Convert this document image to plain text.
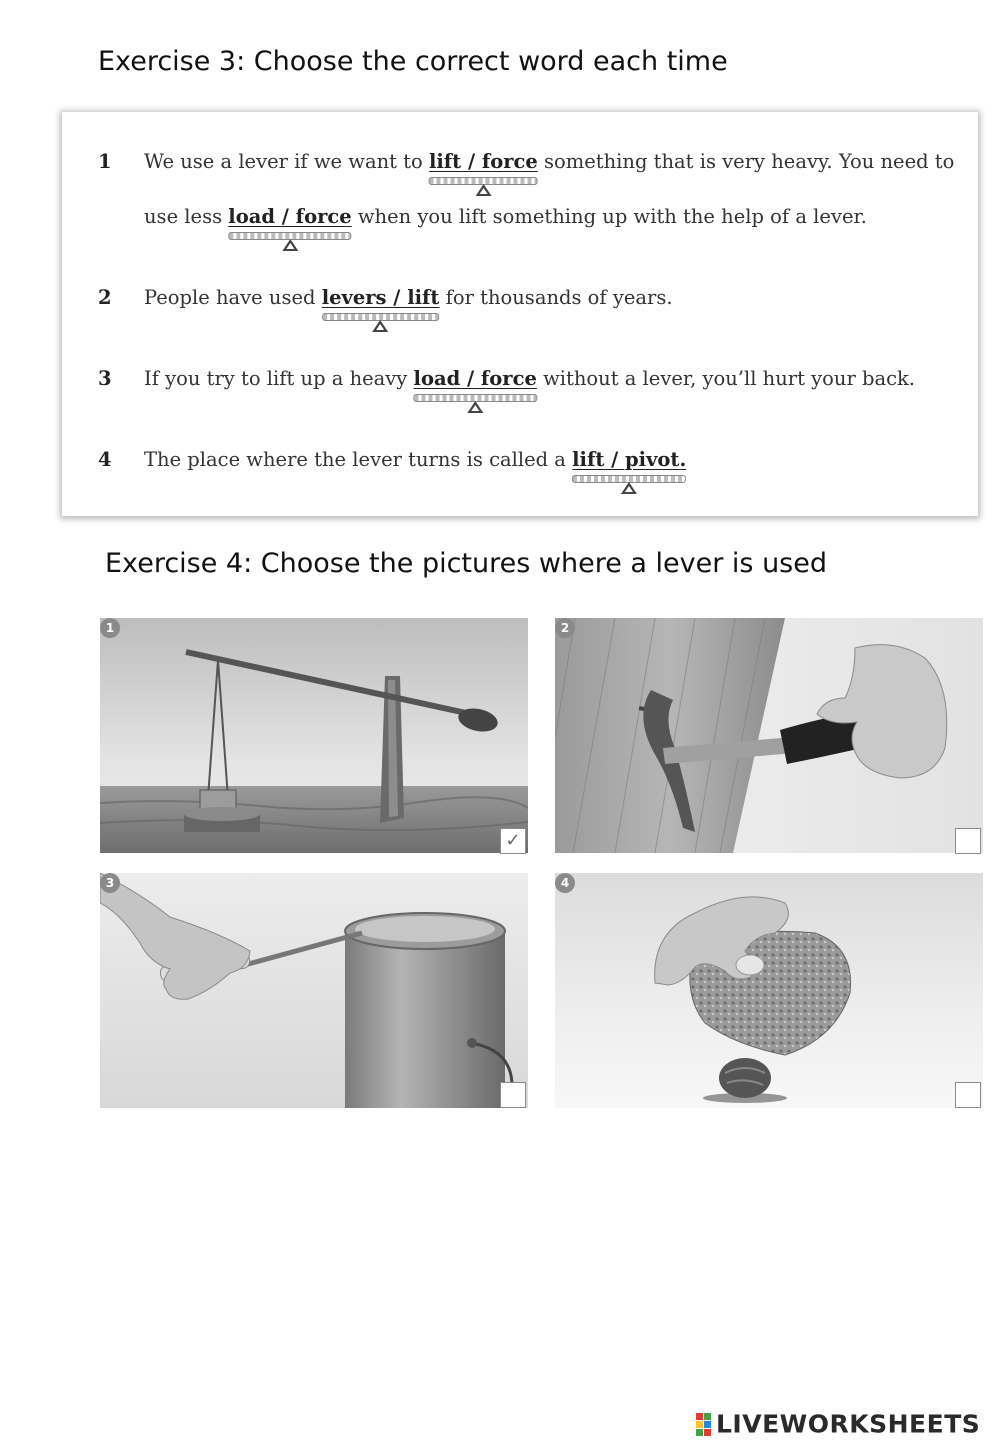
Exercise 3: Choose the correct word each time
1 We use a lever if we want to lift / force
something that is very heavy. You need to
use less load / force
when you lift something up with the help of a lever.
2 People have used levers / lift
for thousands of years.
3 If you try to lift up a heavy load / force
without a lever, you’ll hurt your back.
4 The place where the lever turns is called a lift / pivot.
Exercise 4: Choose the pictures where a lever is used
1
✓
2
3	4
LIVEWORKSHEETS
